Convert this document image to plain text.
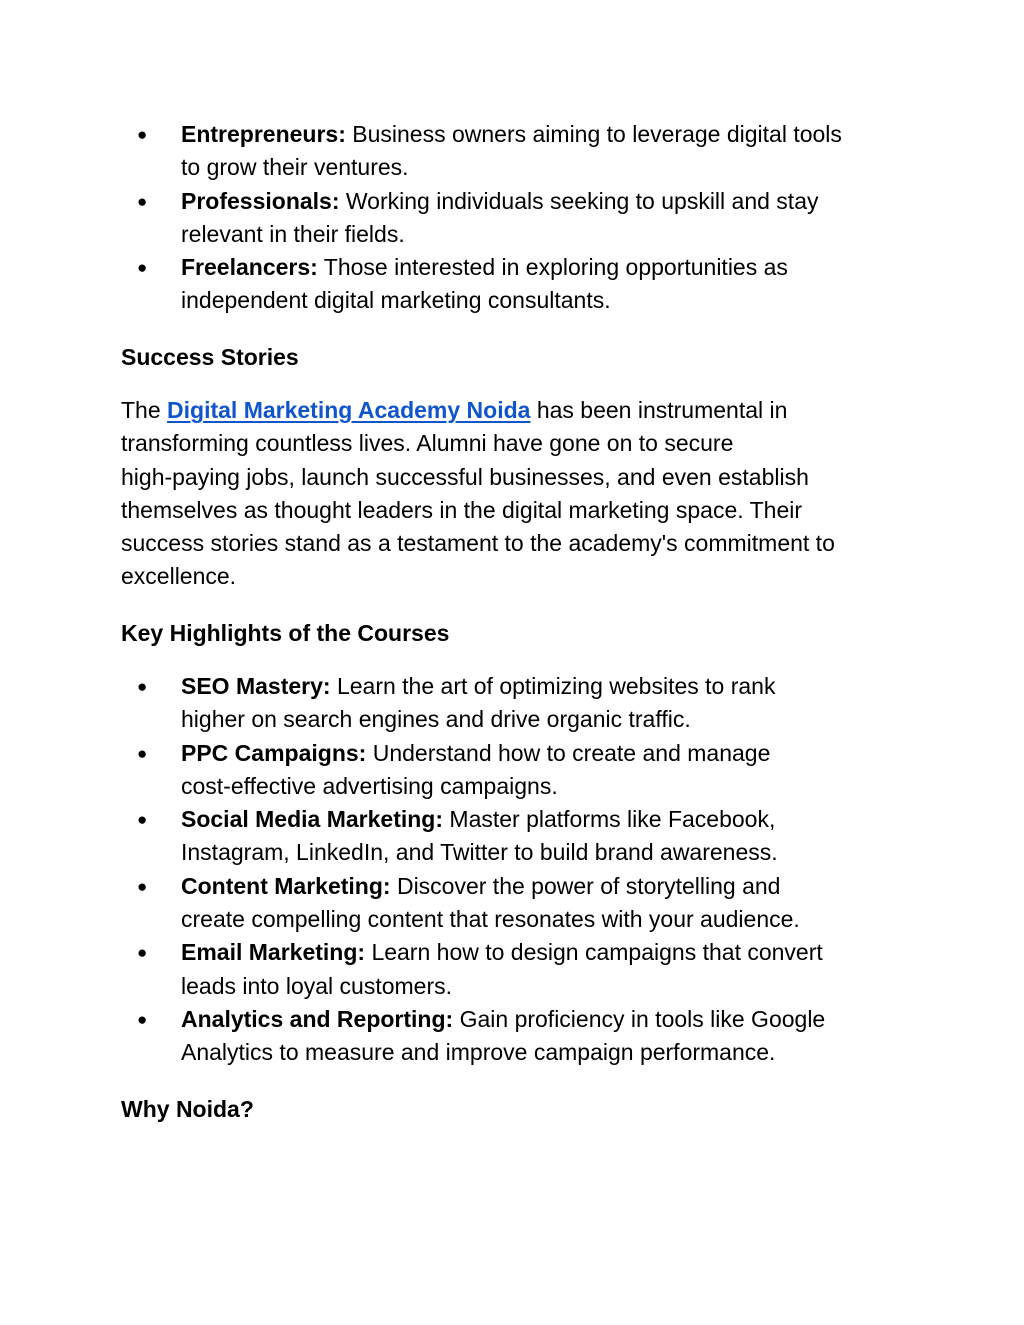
● Entrepreneurs: Business owners aiming to leverage digital tools
to grow their ventures.
● Professionals: Working individuals seeking to upskill and stay
relevant in their fields.
● Freelancers: Those interested in exploring opportunities as
independent digital marketing consultants.
Success Stories

The Digital Marketing Academy Noida has been instrumental in
transforming countless lives. Alumni have gone on to secure
high-paying jobs, launch successful businesses, and even establish
themselves as thought leaders in the digital marketing space. Their
success stories stand as a testament to the academy's commitment to
excellence.

Key Highlights of the Courses
● SEO Mastery: Learn the art of optimizing websites to rank
higher on search engines and drive organic traffic.
● PPC Campaigns: Understand how to create and manage
cost-effective advertising campaigns.
● Social Media Marketing: Master platforms like Facebook,
Instagram, LinkedIn, and Twitter to build brand awareness.
● Content Marketing: Discover the power of storytelling and
create compelling content that resonates with your audience.
● Email Marketing: Learn how to design campaigns that convert
leads into loyal customers.
● Analytics and Reporting: Gain proficiency in tools like Google
Analytics to measure and improve campaign performance.
Why Noida?
